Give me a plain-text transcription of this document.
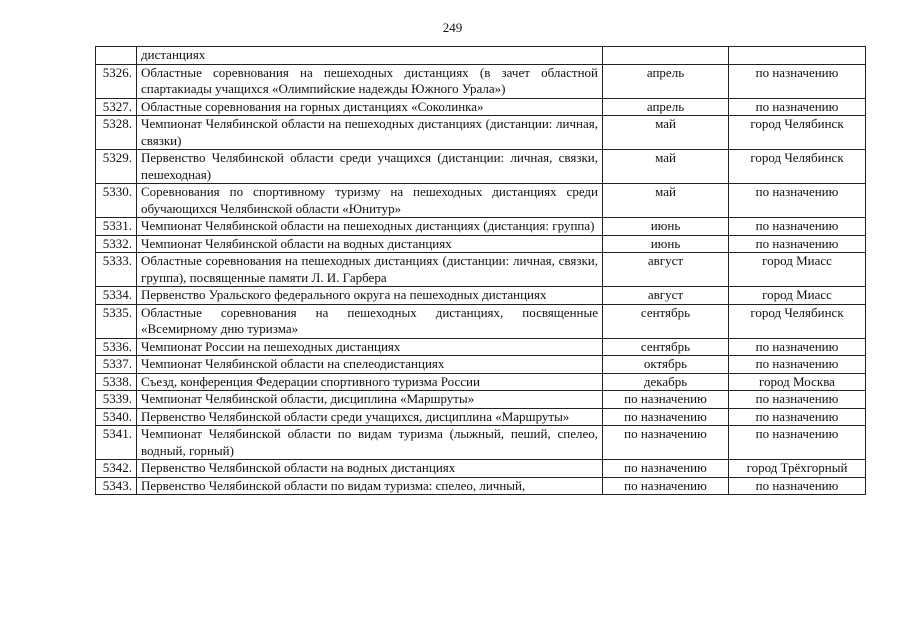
249
	дистанциях		
5326.	Областные соревнования на пешеходных дистанциях (в зачет областной спартакиады учащихся «Олимпийские надежды Южного Урала»)	апрель	по назначению
5327.	Областные соревнования на горных дистанциях «Соколинка»	апрель	по назначению
5328.	Чемпионат Челябинской области на пешеходных дистанциях (дистанции: личная, связки)	май	город Челябинск
5329.	Первенство Челябинской области среди учащихся (дистанции: личная, связки, пешеходная)	май	город Челябинск
5330.	Соревнования по спортивному туризму на пешеходных дистанциях среди обучающихся Челябинской области «Юнитур»	май	по назначению
5331.	Чемпионат Челябинской области на пешеходных дистанциях (дистанция: группа)	июнь	по назначению
5332.	Чемпионат Челябинской области на водных дистанциях	июнь	по назначению
5333.	Областные соревнования на пешеходных дистанциях (дистанции: личная, связки, группа), посвященные памяти Л. И. Гарбера	август	город Миасс
5334.	Первенство Уральского федерального округа на пешеходных дистанциях	август	город Миасс
5335.	Областные соревнования на пешеходных дистанциях, посвященные «Всемирному дню туризма»	сентябрь	город Челябинск
5336.	Чемпионат России на пешеходных дистанциях	сентябрь	по назначению
5337.	Чемпионат Челябинской области на спелеодистанциях	октябрь	по назначению
5338.	Съезд, конференция Федерации спортивного туризма России	декабрь	город Москва
5339.	Чемпионат Челябинской области, дисциплина «Маршруты»	по назначению	по назначению
5340.	Первенство Челябинской области среди учащихся, дисциплина «Маршруты»	по назначению	по назначению
5341.	Чемпионат Челябинской области по видам туризма (лыжный, пеший, спелео, водный, горный)	по назначению	по назначению
5342.	Первенство Челябинской области на водных дистанциях	по назначению	город Трёхгорный
5343.	Первенство Челябинской области по видам туризма: спелео, личный,	по назначению	по назначению
